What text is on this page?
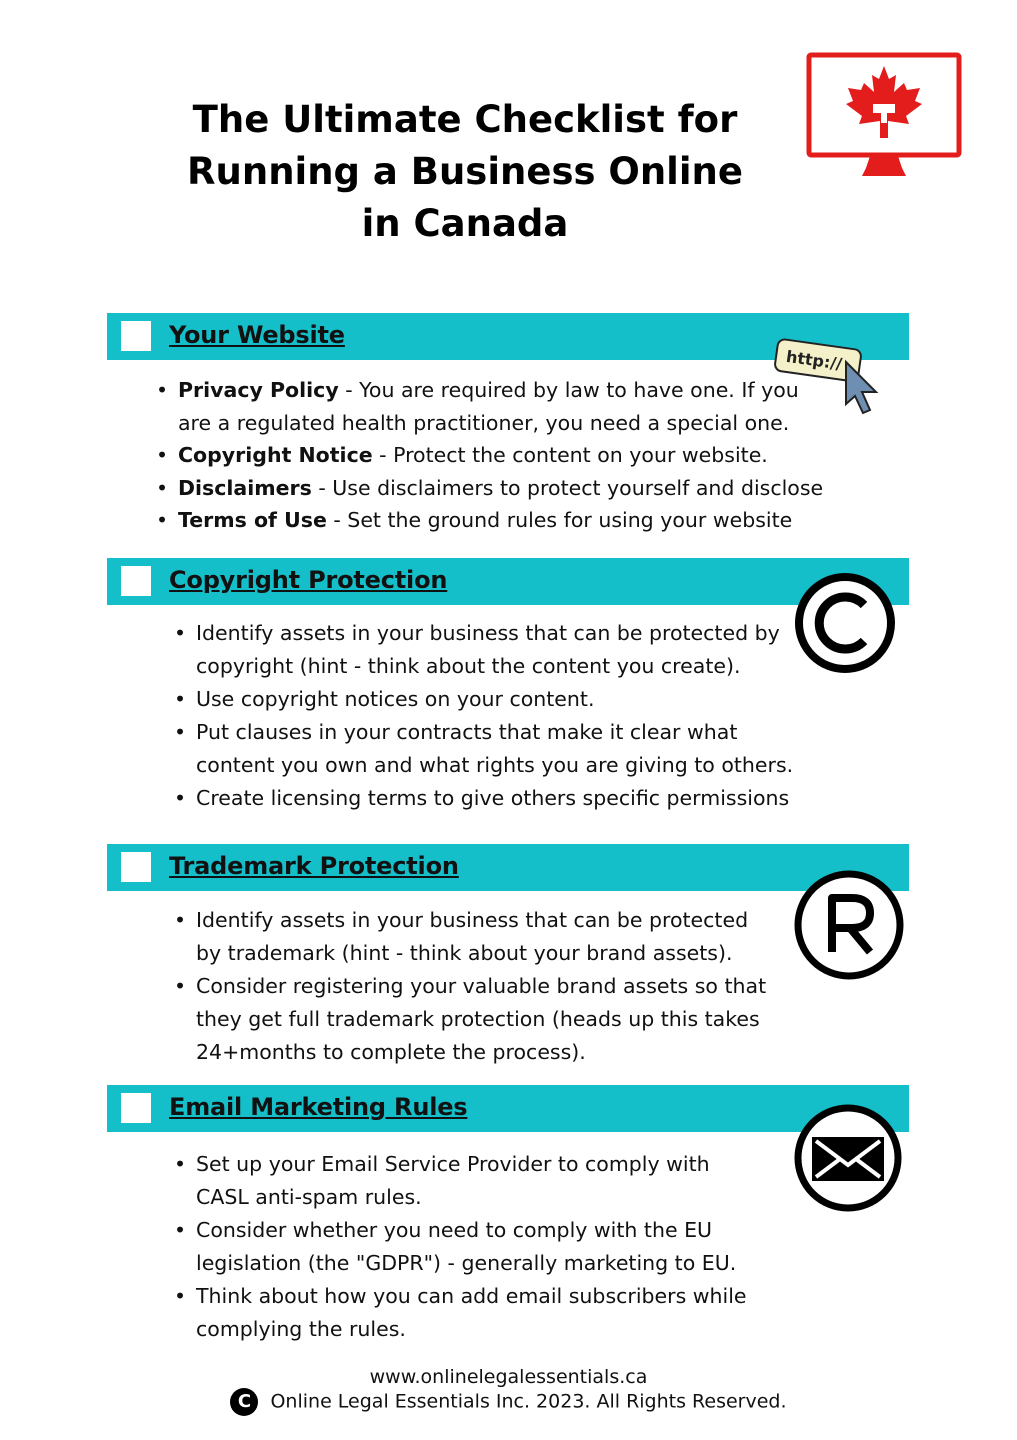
The Ultimate Checklist for
Running a Business Online
in Canada
Your Website
http://
• Privacy Policy - You are required by law to have one. If you
are a regulated health practitioner, you need a special one.
• Copyright Notice - Protect the content on your website.
• Disclaimers - Use disclaimers to protect yourself and disclose
• Terms of Use - Set the ground rules for using your website
Copyright Protection
• Identify assets in your business that can be protected by
copyright (hint - think about the content you create).
• Use copyright notices on your content.
• Put clauses in your contracts that make it clear what
content you own and what rights you are giving to others.
• Create licensing terms to give others specific permissions
Trademark Protection
• Identify assets in your business that can be protected
by trademark (hint - think about your brand assets).
• Consider registering your valuable brand assets so that
they get full trademark protection (heads up this takes
24+months to complete the process).
Email Marketing Rules
• Set up your Email Service Provider to comply with
CASL anti-spam rules.
• Consider whether you need to comply with the EU
legislation (the "GDPR") - generally marketing to EU.
• Think about how you can add email subscribers while
complying the rules.
www.onlinelegalessentials.ca
C Online Legal Essentials Inc. 2023. All Rights Reserved.
